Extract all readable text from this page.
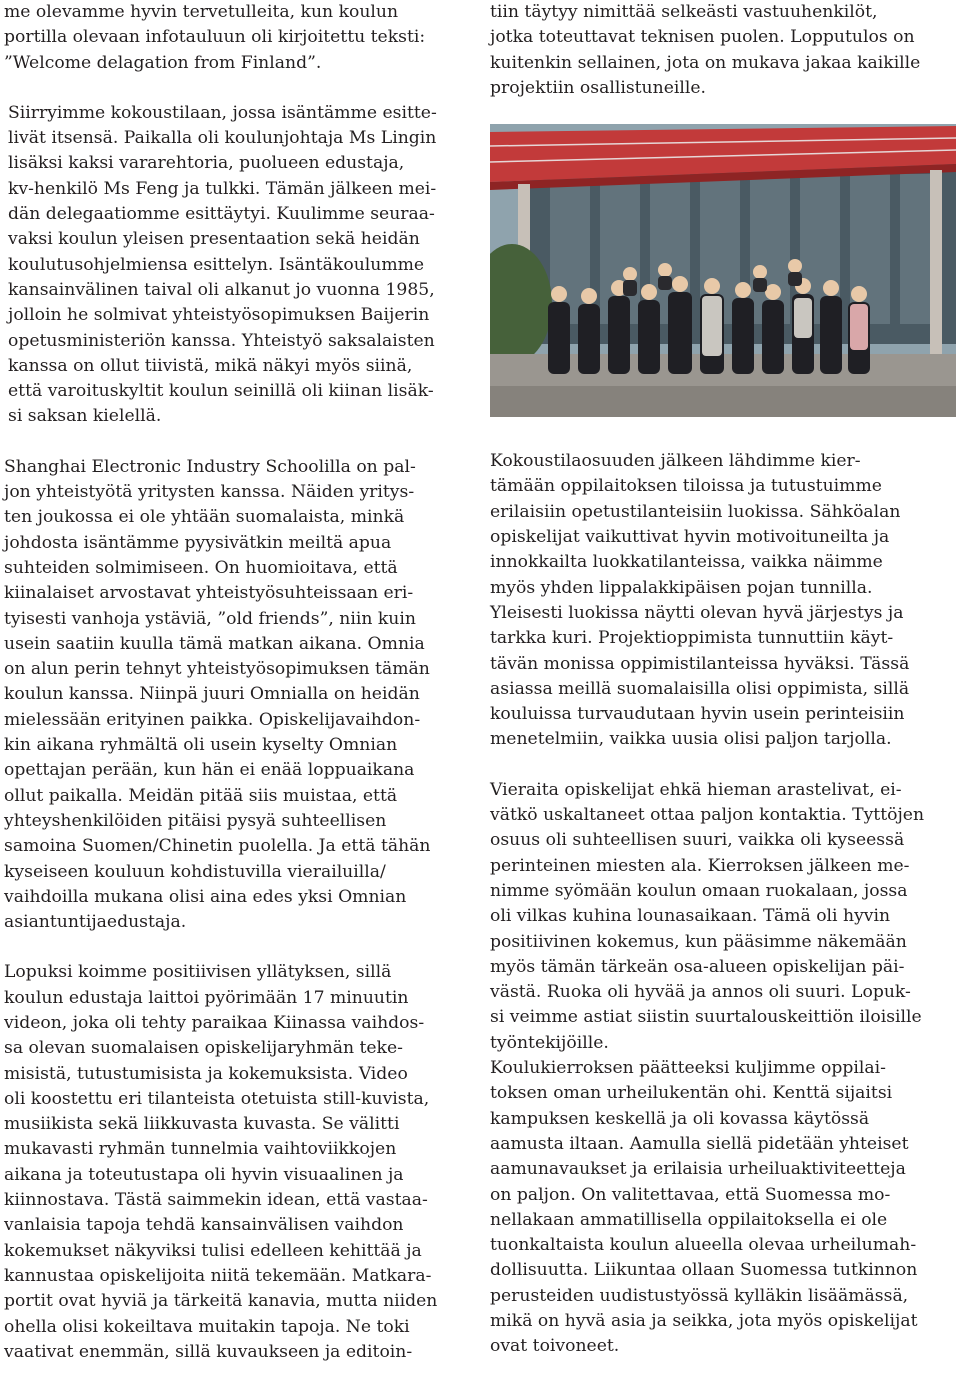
me olevamme hyvin tervetulleita, kun koulun
portilla olevaan infotauluun oli kirjoitettu teksti:
”Welcome delagation from Finland”.

Siirryimme kokoustilaan, jossa isäntämme esitte-
livät itsensä. Paikalla oli koulunjohtaja Ms Lingin
lisäksi kaksi vararehtoria, puolueen edustaja,
kv-henkilö Ms Feng ja tulkki. Tämän jälkeen mei-
dän delegaatiomme esittäytyi. Kuulimme seuraa-
vaksi koulun yleisen presentaation sekä heidän
koulutusohjelmiensa esittelyn. Isäntäkoulumme
kansainvälinen taival oli alkanut jo vuonna 1985,
jolloin he solmivat yhteistyösopimuksen Baijerin
opetusministeriön kanssa. Yhteistyö saksalaisten
kanssa on ollut tiivistä, mikä näkyi myös siinä,
että varoituskyltit koulun seinillä oli kiinan lisäk-
si saksan kielellä.

Shanghai Electronic Industry Schoolilla on pal-
jon yhteistyötä yritysten kanssa. Näiden yritys-
ten joukossa ei ole yhtään suomalaista, minkä
johdosta isäntämme pyysivätkin meiltä apua
suhteiden solmimiseen. On huomioitava, että
kiinalaiset arvostavat yhteistyösuhteissaan eri-
tyisesti vanhoja ystäviä, ”old friends”, niin kuin
usein saatiin kuulla tämä matkan aikana. Omnia
on alun perin tehnyt yhteistyösopimuksen tämän
koulun kanssa. Niinpä juuri Omnialla on heidän
mielessään erityinen paikka. Opiskelijavaihdon-
kin aikana ryhmältä oli usein kyselty Omnian
opettajan perään, kun hän ei enää loppuaikana
ollut paikalla. Meidän pitää siis muistaa, että
yhteyshenkilöiden pitäisi pysyä suhteellisen
samoina Suomen/Chinetin puolella. Ja että tähän
kyseiseen kouluun kohdistuvilla vierailuilla/
vaihdoilla mukana olisi aina edes yksi Omnian
asiantuntijaedustaja.

Lopuksi koimme positiivisen yllätyksen, sillä
koulun edustaja laittoi pyörimään 17 minuutin
videon, joka oli tehty paraikaa Kiinassa vaihdos-
sa olevan suomalaisen opiskelijaryhmän teke-
misistä, tutustumisista ja kokemuksista. Video
oli koostettu eri tilanteista otetuista still-kuvista,
musiikista sekä liikkuvasta kuvasta. Se välitti
mukavasti ryhmän tunnelmia vaihtoviikkojen
aikana ja toteutustapa oli hyvin visuaalinen ja
kiinnostava. Tästä saimmekin idean, että vastaa-
vanlaisia tapoja tehdä kansainvälisen vaihdon
kokemukset näkyviksi tulisi edelleen kehittää ja
kannustaa opiskelijoita niitä tekemään. Matkara-
portit ovat hyviä ja tärkeitä kanavia, mutta niiden
ohella olisi kokeiltava muitakin tapoja. Ne toki
vaativat enemmän, sillä kuvaukseen ja editoin-

tiin täytyy nimittää selkeästi vastuuhenkilöt,
jotka toteuttavat teknisen puolen. Lopputulos on
kuitenkin sellainen, jota on mukava jakaa kaikille
projektiin osallistuneille.

Kokoustilaosuuden jälkeen lähdimme kier-
tämään oppilaitoksen tiloissa ja tutustuimme
erilaisiin opetustilanteisiin luokissa. Sähköalan
opiskelijat vaikuttivat hyvin motivoituneilta ja
innokkailta luokkatilanteissa, vaikka näimme
myös yhden lippalakkipäisen pojan tunnilla.
Yleisesti luokissa näytti olevan hyvä järjestys ja
tarkka kuri. Projektioppimista tunnuttiin käyt-
tävän monissa oppimistilanteissa hyväksi. Tässä
asiassa meillä suomalaisilla olisi oppimista, sillä
kouluissa turvaudutaan hyvin usein perinteisiin
menetelmiin, vaikka uusia olisi paljon tarjolla.

Vieraita opiskelijat ehkä hieman arastelivat, ei-
vätkö uskaltaneet ottaa paljon kontaktia. Tyttöjen
osuus oli suhteellisen suuri, vaikka oli kyseessä
perinteinen miesten ala. Kierroksen jälkeen me-
nimme syömään koulun omaan ruokalaan, jossa
oli vilkas kuhina lounasaikaan. Tämä oli hyvin
positiivinen kokemus, kun pääsimme näkemään
myös tämän tärkeän osa-alueen opiskelijan päi-
västä. Ruoka oli hyvää ja annos oli suuri. Lopuk-
si veimme astiat siistin suurtalouskeittiön iloisille
työntekijöille.
Koulukierroksen päätteeksi kuljimme oppilai-
toksen oman urheilukentän ohi. Kenttä sijaitsi
kampuksen keskellä ja oli kovassa käytössä
aamusta iltaan. Aamulla siellä pidetään yhteiset
aamunavaukset ja erilaisia urheiluaktiviteetteja
on paljon. On valitettavaa, että Suomessa mo-
nellakaan ammatillisella oppilaitoksella ei ole
tuonkaltaista koulun alueella olevaa urheilumah-
dollisuutta. Liikuntaa ollaan Suomessa tutkinnon
perusteiden uudistustyössä kylläkin lisäämässä,
mikä on hyvä asia ja seikka, jota myös opiskelijat
ovat toivoneet.
